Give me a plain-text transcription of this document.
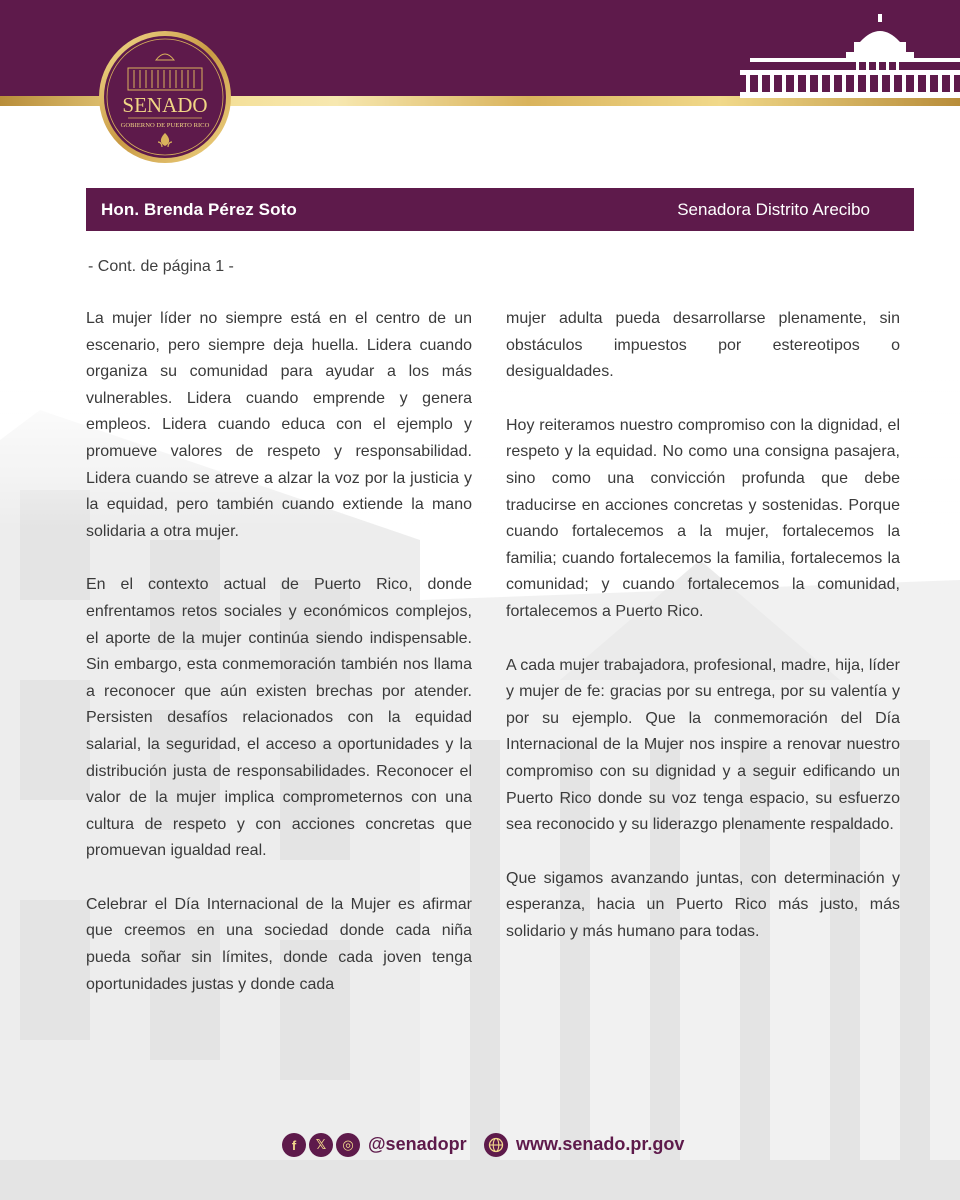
SENADO
GOBIERNO DE PUERTO RICO
Hon. Brenda Pérez Soto	Senadora Distrito Arecibo
- Cont. de página 1 -

La mujer líder no siempre está en el centro de un escenario, pero siempre deja huella. Lidera cuando organiza su comunidad para ayudar a los más vulnerables. Lidera cuando emprende y genera empleos. Lidera cuando educa con el ejemplo y promueve valores de respeto y responsabilidad. Lidera cuando se atreve a alzar la voz por la justicia y la equidad, pero también cuando extiende la mano solidaria a otra mujer.

En el contexto actual de Puerto Rico, donde enfrentamos retos sociales y económicos complejos, el aporte de la mujer continúa siendo indispensable. Sin embargo, esta conmemoración también nos llama a reconocer que aún existen brechas por atender. Persisten desafíos relacionados con la equidad salarial, la seguridad, el acceso a oportunidades y la distribución justa de responsabilidades. Reconocer el valor de la mujer implica comprometernos con una cultura de respeto y con acciones concretas que promuevan igualdad real.

Celebrar el Día Internacional de la Mujer es afirmar que creemos en una sociedad donde cada niña pueda soñar sin límites, donde cada joven tenga oportunidades justas y donde cada

mujer adulta pueda desarrollarse plenamente, sin obstáculos impuestos por estereotipos o desigualdades.

Hoy reiteramos nuestro compromiso con la dignidad, el respeto y la equidad. No como una consigna pasajera, sino como una convicción profunda que debe traducirse en acciones concretas y sostenidas. Porque cuando fortalecemos a la mujer, fortalecemos la familia; cuando fortalecemos la familia, fortalecemos la comunidad; y cuando fortalecemos la comunidad, fortalecemos a Puerto Rico.

A cada mujer trabajadora, profesional, madre, hija, líder y mujer de fe: gracias por su entrega, por su valentía y por su ejemplo. Que la conmemoración del Día Internacional de la Mujer nos inspire a renovar nuestro compromiso con su dignidad y a seguir edificando un Puerto Rico donde su voz tenga espacio, su esfuerzo sea reconocido y su liderazgo plenamente respaldado.

Que sigamos avanzando juntas, con determinación y esperanza, hacia un Puerto Rico más justo, más solidario y más humano para todas.

f	𝕏	◎ @senadopr	www.senado.pr.gov
